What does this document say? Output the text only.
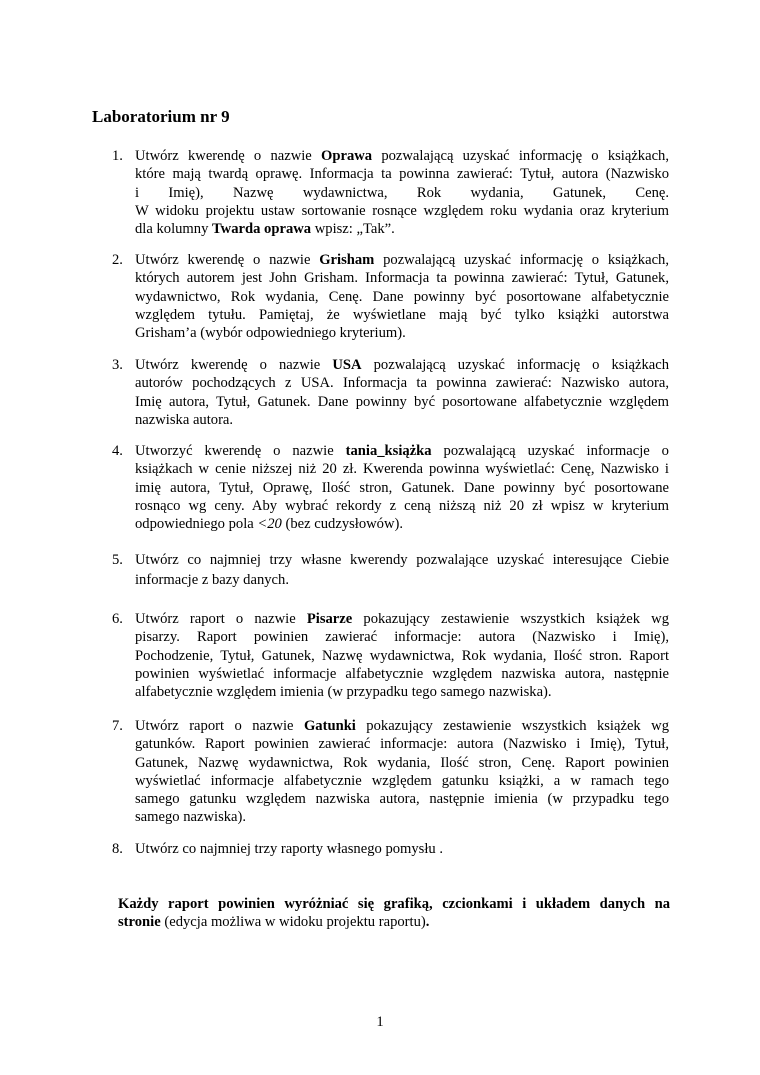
Laboratorium nr 9
1. Utwórz kwerendę o nazwie Oprawa pozwalającą uzyskać informację o książkach,
które mają twardą oprawę. Informacja ta powinna zawierać: Tytuł, autora (Nazwisko
i Imię), Nazwę wydawnictwa, Rok wydania, Gatunek, Cenę.
W widoku projektu ustaw sortowanie rosnące względem roku wydania oraz kryterium
dla kolumny Twarda oprawa wpisz: „Tak”.
2. Utwórz kwerendę o nazwie Grisham pozwalającą uzyskać informację o książkach,
których autorem jest John Grisham. Informacja ta powinna zawierać: Tytuł, Gatunek,
wydawnictwo, Rok wydania, Cenę. Dane powinny być posortowane alfabetycznie
względem tytułu. Pamiętaj, że wyświetlane mają być tylko książki autorstwa
Grisham’a (wybór odpowiedniego kryterium).
3. Utwórz kwerendę o nazwie USA pozwalającą uzyskać informację o książkach
autorów pochodzących z USA. Informacja ta powinna zawierać: Nazwisko autora,
Imię autora, Tytuł, Gatunek. Dane powinny być posortowane alfabetycznie względem
nazwiska autora.
4. Utworzyć kwerendę o nazwie tania_książka pozwalającą uzyskać informacje o
książkach w cenie niższej niż 20 zł. Kwerenda powinna wyświetlać: Cenę, Nazwisko i
imię autora, Tytuł, Oprawę, Ilość stron, Gatunek. Dane powinny być posortowane
rosnąco wg ceny. Aby wybrać rekordy z ceną niższą niż 20 zł wpisz w kryterium
odpowiedniego pola <20 (bez cudzysłowów).
5. Utwórz co najmniej trzy własne kwerendy pozwalające uzyskać interesujące Ciebie
informacje z bazy danych.
6. Utwórz raport o nazwie Pisarze pokazujący zestawienie wszystkich książek wg
pisarzy. Raport powinien zawierać informacje: autora (Nazwisko i Imię),
Pochodzenie, Tytuł, Gatunek, Nazwę wydawnictwa, Rok wydania, Ilość stron. Raport
powinien wyświetlać informacje alfabetycznie względem nazwiska autora, następnie
alfabetycznie względem imienia (w przypadku tego samego nazwiska).
7. Utwórz raport o nazwie Gatunki pokazujący zestawienie wszystkich książek wg
gatunków. Raport powinien zawierać informacje: autora (Nazwisko i Imię), Tytuł,
Gatunek, Nazwę wydawnictwa, Rok wydania, Ilość stron, Cenę. Raport powinien
wyświetlać informacje alfabetycznie względem gatunku książki, a w ramach tego
samego gatunku względem nazwiska autora, następnie imienia (w przypadku tego
samego nazwiska).
8. Utwórz co najmniej trzy raporty własnego pomysłu .
Każdy raport powinien wyróżniać się grafiką, czcionkami i układem danych na
stronie (edycja możliwa w widoku projektu raportu).
1
